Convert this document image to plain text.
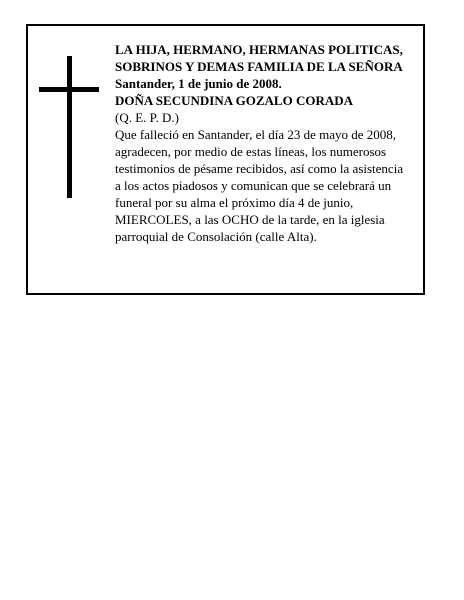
LA HIJA, HERMANO, HERMANAS POLITICAS,
SOBRINOS Y DEMAS FAMILIA DE LA SEÑORA
Santander, 1 de junio de 2008.
DOÑA SECUNDINA GOZALO CORADA
(Q. E. P. D.)
Que falleció en Santander, el día 23 de mayo de 2008,
agradecen, por medio de estas líneas, los numerosos
testimonios de pésame recibidos, así como la asistencia
a los actos piadosos y comunican que se celebrará un
funeral por su alma el próximo día 4 de junio,
MIERCOLES, a las OCHO de la tarde, en la iglesia
parroquial de Consolación (calle Alta).
